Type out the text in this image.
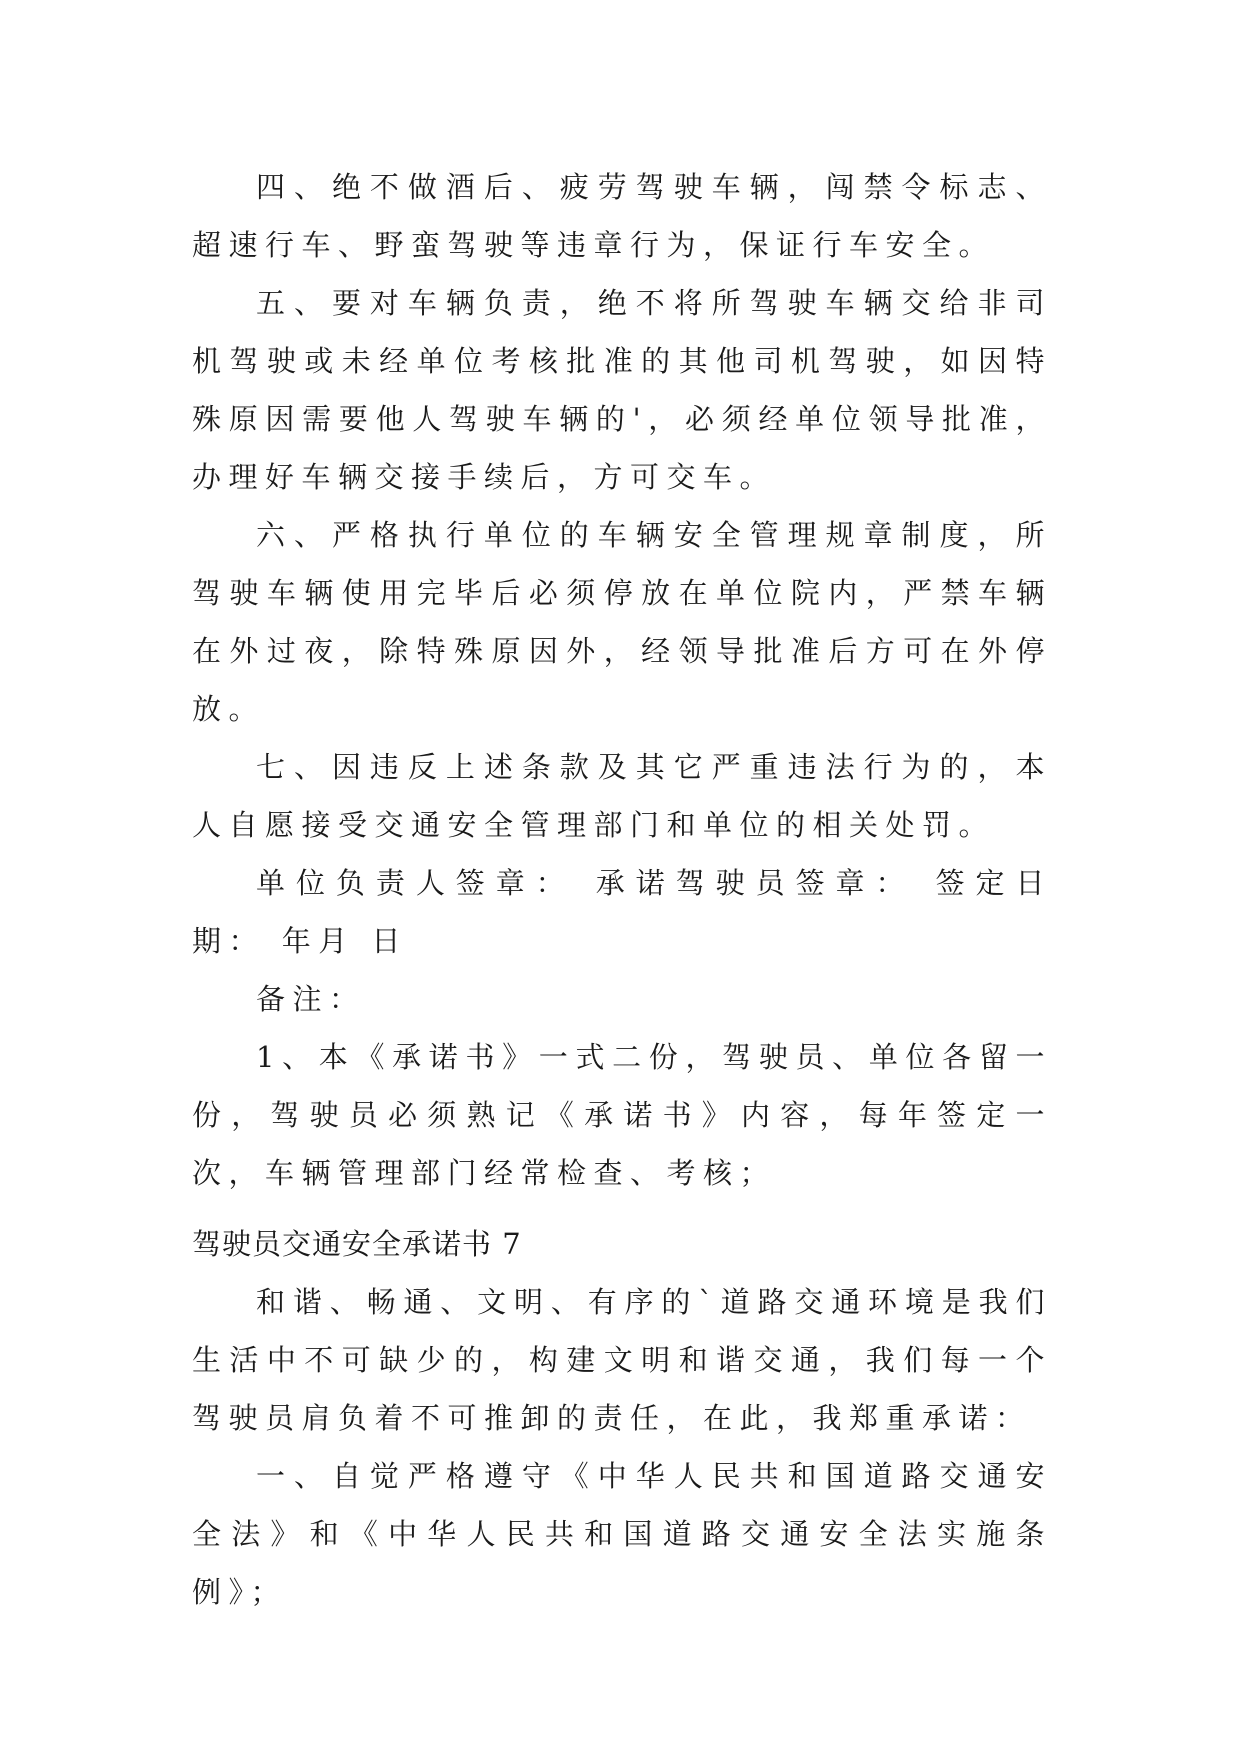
四、绝不做酒后、疲劳驾驶车辆，闯禁令标志、超速行车、野蛮驾驶等违章行为，保证行车安全。

五、要对车辆负责，绝不将所驾驶车辆交给非司机驾驶或未经单位考核批准的其他司机驾驶，如因特殊原因需要他人驾驶车辆的'，必须经单位领导批准，办理好车辆交接手续后，方可交车。

六、严格执行单位的车辆安全管理规章制度，所驾驶车辆使用完毕后必须停放在单位院内，严禁车辆在外过夜，除特殊原因外，经领导批准后方可在外停放。

七、因违反上述条款及其它严重违法行为的，本人自愿接受交通安全管理部门和单位的相关处罚。

单位负责人签章： 承诺驾驶员签章： 签定日期： 年月 日

备注：

1、本《承诺书》一式二份，驾驶员、单位各留一份，驾驶员必须熟记《承诺书》内容，每年签定一次，车辆管理部门经常检查、考核；

驾驶员交通安全承诺书 7

和谐、畅通、文明、有序的`道路交通环境是我们生活中不可缺少的，构建文明和谐交通，我们每一个驾驶员肩负着不可推卸的责任，在此，我郑重承诺：

一、自觉严格遵守《中华人民共和国道路交通安全法》和《中华人民共和国道路交通安全法实施条例》；
